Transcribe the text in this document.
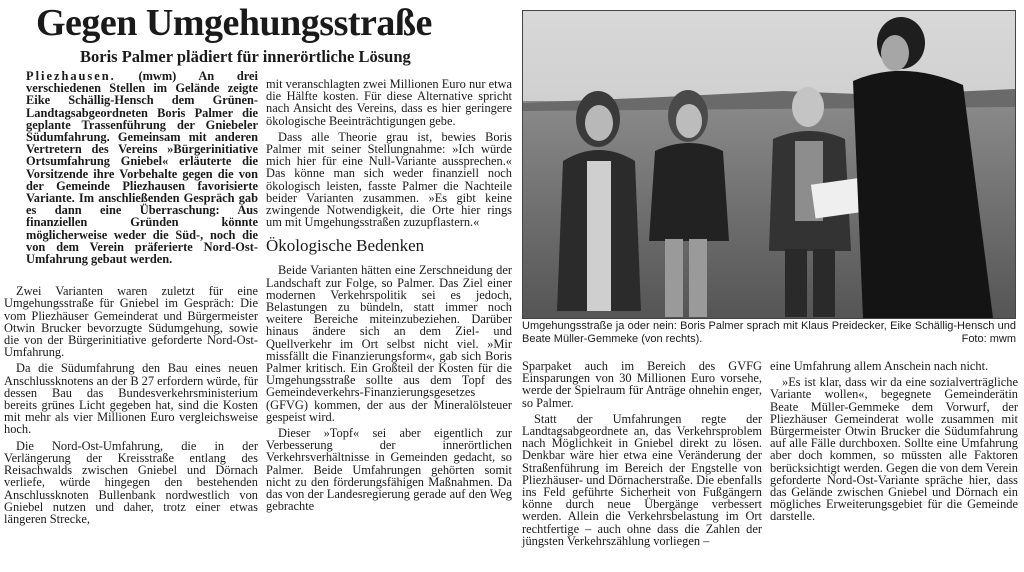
Gegen Umgehungsstraße
Boris Palmer plädiert für innerörtliche Lösung

Pliezhausen. (mwm) An drei verschiedenen Stellen im Gelände zeigte Eike Schällig-Hensch dem Grünen-Landtagsabgeordneten Boris Palmer die geplante Trassenführung der Gniebeler Südumfahrung. Gemeinsam mit anderen Vertretern des Vereins »Bürgerinitiative Ortsumfahrung Gniebel« erläuterte die Vorsitzende ihre Vorbehalte gegen die von der Gemeinde Pliezhausen favorisierte Variante. Im anschließenden Gespräch gab es dann eine Überraschung: Aus finanziellen Gründen könnte möglicherweise weder die Süd-, noch die von dem Verein präferierte Nord-Ost-Umfahrung gebaut werden.

Zwei Varianten waren zuletzt für eine Umgehungsstraße für Gniebel im Gespräch: Die vom Pliezhäuser Gemeinderat und Bürgermeister Otwin Brucker bevorzugte Südumgehung, sowie die von der Bürgerinitiative geforderte Nord-Ost-Umfahrung.

Da die Südumfahrung den Bau eines neuen Anschlussknotens an der B 27 erfordern würde, für dessen Bau das Bundesverkehrsministerium bereits grünes Licht gegeben hat, sind die Kosten mit mehr als vier Millionen Euro vergleichsweise hoch.

Die Nord-Ost-Umfahrung, die in der Verlängerung der Kreisstraße entlang des Reisachwalds zwischen Gniebel und Dörnach verliefe, würde hingegen den bestehenden Anschlussknoten Bullenbank nordwestlich von Gniebel nutzen und daher, trotz einer etwas längeren Strecke,

mit veranschlagten zwei Millionen Euro nur etwa die Hälfte kosten. Für diese Alternative spricht nach Ansicht des Vereins, dass es hier geringere ökologische Beeinträchtigungen gebe.

Dass alle Theorie grau ist, bewies Boris Palmer mit seiner Stellungnahme: »Ich würde mich hier für eine Null-Variante aussprechen.« Das könne man sich weder finanziell noch ökologisch leisten, fasste Palmer die Nachteile beider Varianten zusammen. »Es gibt keine zwingende Notwendigkeit, die Orte hier rings um mit Umgehungsstraßen zuzupflastern.«

Ökologische Bedenken

Beide Varianten hätten eine Zerschneidung der Landschaft zur Folge, so Palmer. Das Ziel einer modernen Verkehrspolitik sei es jedoch, Belastungen zu bündeln, statt immer noch weitere Bereiche miteinzubeziehen. Darüber hinaus ändere sich an dem Ziel- und Quellverkehr im Ort selbst nicht viel. »Mir missfällt die Finanzierungsform«, gab sich Boris Palmer kritisch. Ein Großteil der Kosten für die Umgehungsstraße sollte aus dem Topf des Gemeindeverkehrs-Finanzierungsgesetzes (GFVG) kommen, der aus der Mineralölsteuer gespeist wird.

Dieser »Topf« sei aber eigentlich zur Verbesserung der innerörtlichen Verkehrsverhältnisse in Gemeinden gedacht, so Palmer. Beide Umfahrungen gehörten somit nicht zu den förderungsfähigen Maßnahmen. Da das von der Landesregierung gerade auf den Weg gebrachte

Umgehungsstraße ja oder nein: Boris Palmer sprach mit Klaus Preidecker, Eike Schällig-Hensch und Beate Müller-Gemmeke (von rechts).	Foto: mwm

Sparpaket auch im Bereich des GVFG Einsparungen von 30 Millionen Euro vorsehe, werde der Spielraum für Anträge ohnehin enger, so Palmer.

Statt der Umfahrungen regte der Landtagsabgeordnete an, das Verkehrsproblem nach Möglichkeit in Gniebel direkt zu lösen. Denkbar wäre hier etwa eine Veränderung der Straßenführung im Bereich der Engstelle von Pliezhäuser- und Dörnacherstraße. Die ebenfalls ins Feld geführte Sicherheit von Fußgängern könne durch neue Übergänge verbessert werden. Allein die Verkehrsbelastung im Ort rechtfertige – auch ohne dass die Zahlen der jüngsten Verkehrszählung vorliegen –

eine Umfahrung allem Anschein nach nicht.

»Es ist klar, dass wir da eine sozialverträgliche Variante wollen«, begegnete Gemeinderätin Beate Müller-Gemmeke dem Vorwurf, der Pliezhäuser Gemeinderat wolle zusammen mit Bürgermeister Otwin Brucker die Südumfahrung auf alle Fälle durchboxen. Sollte eine Umfahrung aber doch kommen, so müssten alle Faktoren berücksichtigt werden. Gegen die von dem Verein geforderte Nord-Ost-Variante spräche hier, dass das Gelände zwischen Gniebel und Dörnach ein mögliches Erweiterungsgebiet für die Gemeinde darstelle.
